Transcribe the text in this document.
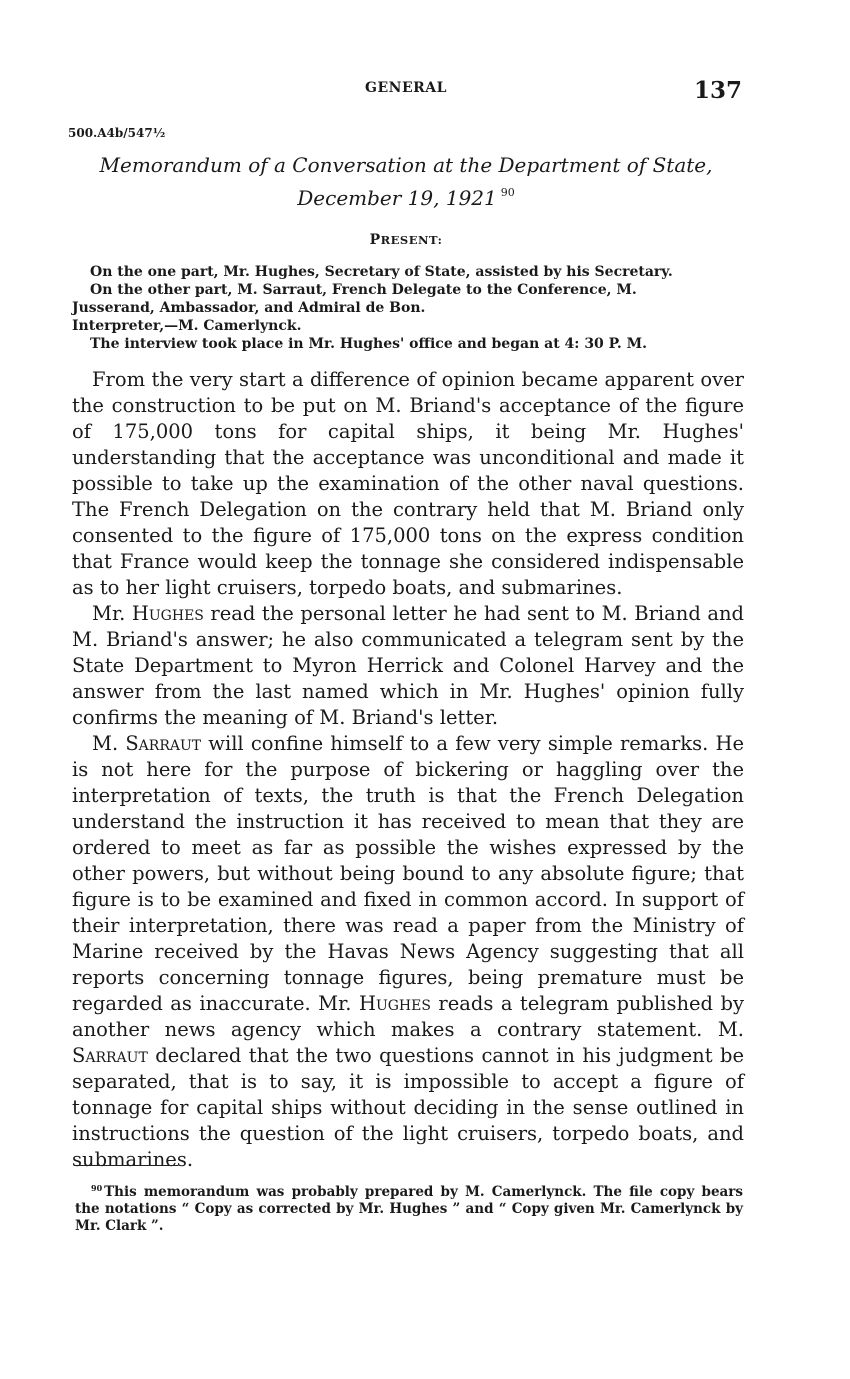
GENERAL	137
500.A4b/547½
Memorandum of a Conversation at the Department of State,
December 19, 1921 $^{90}$
PRESENT:

On the one part, Mr. Hughes, Secretary of State, assisted by his Secretary.

On the other part, M. Sarraut, French Delegate to the Conference, M.

Jusserand, Ambassador, and Admiral de Bon.

Interpreter,—M. Camerlynck.

The interview took place in Mr. Hughes' office and began at 4: 30 P. M.

From the very start a difference of opinion became apparent over the construction to be put on M. Briand's acceptance of the figure of 175,000 tons for capital ships, it being Mr. Hughes' understanding that the acceptance was unconditional and made it possible to take up the examination of the other naval questions. The French Delegation on the contrary held that M. Briand only consented to the figure of 175,000 tons on the express condition that France would keep the tonnage she considered indispensable as to her light cruisers, torpedo boats, and submarines.

Mr. Hughes read the personal letter he had sent to M. Briand and M. Briand's answer; he also communicated a telegram sent by the State Department to Myron Herrick and Colonel Harvey and the answer from the last named which in Mr. Hughes' opinion fully confirms the meaning of M. Briand's letter.

M. Sarraut will confine himself to a few very simple remarks. He is not here for the purpose of bickering or haggling over the interpretation of texts, the truth is that the French Delegation understand the instruction it has received to mean that they are ordered to meet as far as possible the wishes expressed by the other powers, but without being bound to any absolute figure; that figure is to be examined and fixed in common accord. In support of their interpretation, there was read a paper from the Ministry of Marine received by the Havas News Agency suggesting that all reports concerning tonnage figures, being premature must be regarded as inaccurate. Mr. Hughes reads a telegram published by another news agency which makes a contrary statement. M. Sarraut declared that the two questions cannot in his judgment be separated, that is to say, it is impossible to accept a figure of tonnage for capital ships without deciding in the sense outlined in instructions the question of the light cruisers, torpedo boats, and submarines.

$^{90}$ This memorandum was probably prepared by M. Camerlynck. The file copy bears the notations “ Copy as corrected by Mr. Hughes ” and “ Copy given Mr. Camerlynck by Mr. Clark ”.
